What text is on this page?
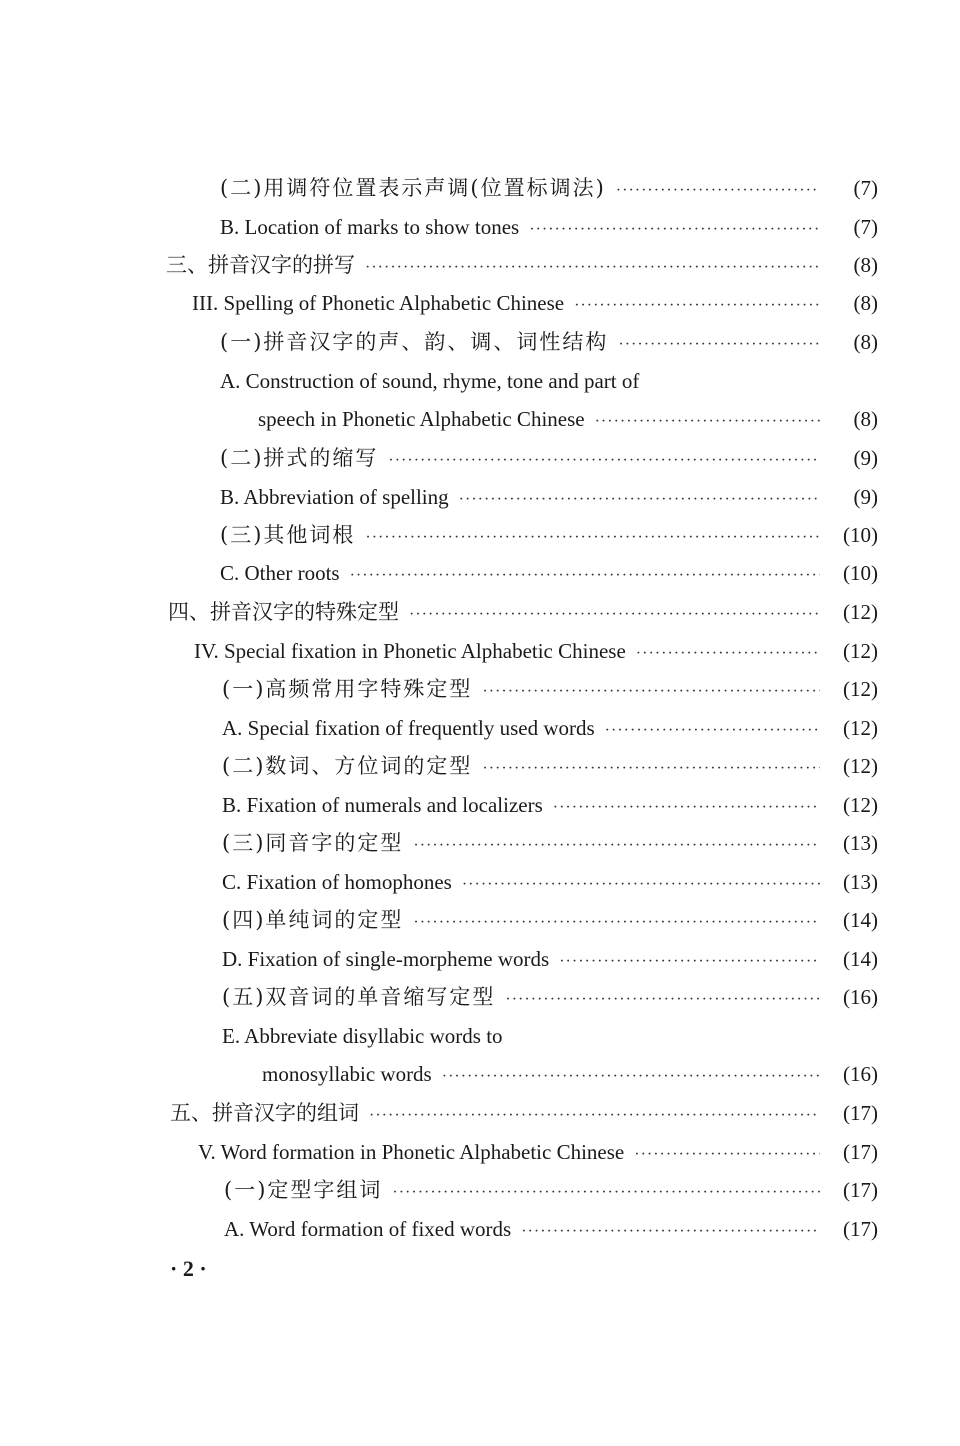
(二)用调符位置表示声调(位置标调法) ·····	(7)
B. Location of marks to show tones ·····	(7)
三、拼音汉字的拼写 ·····	(8)
III. Spelling of Phonetic Alphabetic Chinese ·····	(8)
(一)拼音汉字的声、韵、调、词性结构 ·····	(8)
A. Construction of sound, rhyme, tone and part of
speech in Phonetic Alphabetic Chinese ·····	(8)
(二)拼式的缩写 ·····	(9)
B. Abbreviation of spelling ·····	(9)
(三)其他词根 ·····	(10)
C. Other roots ·····	(10)
四、拼音汉字的特殊定型 ·····	(12)
IV. Special fixation in Phonetic Alphabetic Chinese ·····	(12)
(一)高频常用字特殊定型 ·····	(12)
A. Special fixation of frequently used words ·····	(12)
(二)数词、方位词的定型 ·····	(12)
B. Fixation of numerals and localizers ·····	(12)
(三)同音字的定型 ·····	(13)
C. Fixation of homophones ·····	(13)
(四)单纯词的定型 ·····	(14)
D. Fixation of single-morpheme words ·····	(14)
(五)双音词的单音缩写定型 ·····	(16)
E. Abbreviate disyllabic words to
monosyllabic words ·····	(16)
五、拼音汉字的组词 ·····	(17)
V. Word formation in Phonetic Alphabetic Chinese ·····	(17)
(一)定型字组词 ·····	(17)
A. Word formation of fixed words ·····	(17)
· 2 ·
